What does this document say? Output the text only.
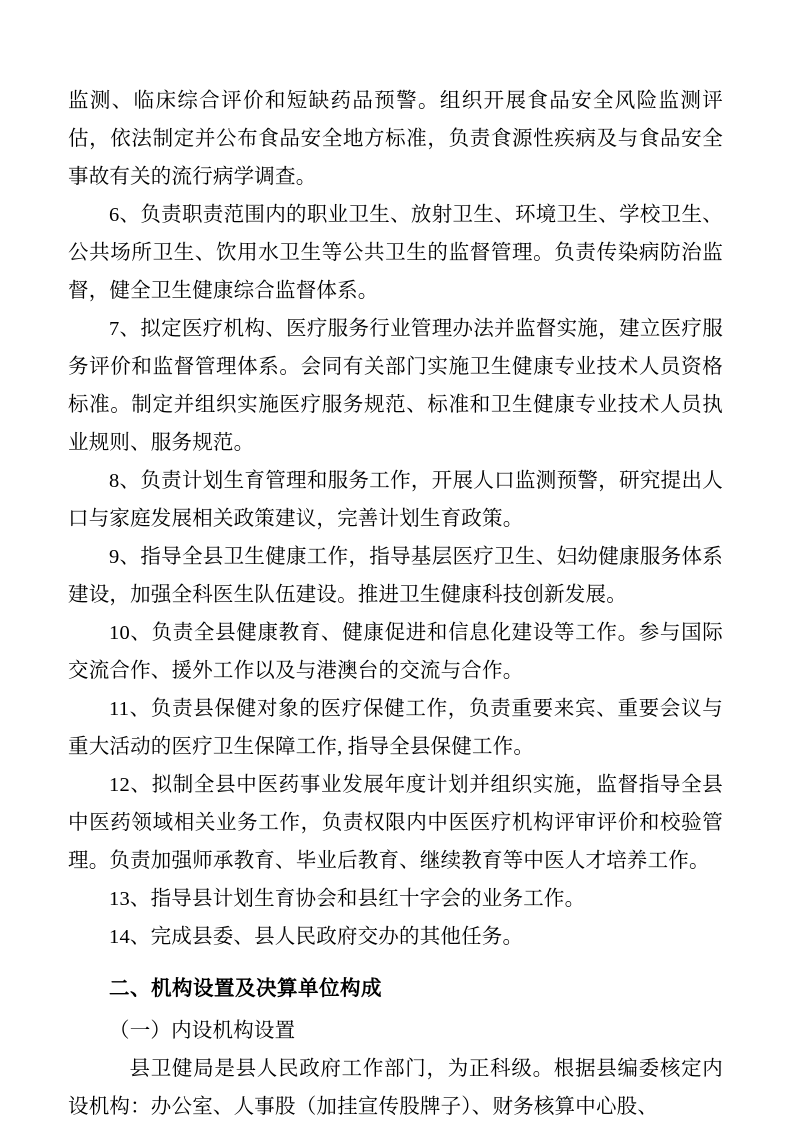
监测、临床综合评价和短缺药品预警。组织开展食品安全风险监测评估，依法制定并公布食品安全地方标准，负责食源性疾病及与食品安全事故有关的流行病学调查。

6、负责职责范围内的职业卫生、放射卫生、环境卫生、学校卫生、公共场所卫生、饮用水卫生等公共卫生的监督管理。负责传染病防治监督，健全卫生健康综合监督体系。

7、拟定医疗机构、医疗服务行业管理办法并监督实施，建立医疗服务评价和监督管理体系。会同有关部门实施卫生健康专业技术人员资格标准。制定并组织实施医疗服务规范、标准和卫生健康专业技术人员执业规则、服务规范。

8、负责计划生育管理和服务工作，开展人口监测预警，研究提出人口与家庭发展相关政策建议，完善计划生育政策。

9、指导全县卫生健康工作，指导基层医疗卫生、妇幼健康服务体系建设，加强全科医生队伍建设。推进卫生健康科技创新发展。

10、负责全县健康教育、健康促进和信息化建设等工作。参与国际交流合作、援外工作以及与港澳台的交流与合作。

11、负责县保健对象的医疗保健工作，负责重要来宾、重要会议与重大活动的医疗卫生保障工作, 指导全县保健工作。

12、拟制全县中医药事业发展年度计划并组织实施，监督指导全县中医药领域相关业务工作，负责权限内中医医疗机构评审评价和校验管理。负责加强师承教育、毕业后教育、继续教育等中医人才培养工作。

13、指导县计划生育协会和县红十字会的业务工作。

14、完成县委、县人民政府交办的其他任务。

二、机构设置及决算单位构成

（一）内设机构设置

县卫健局是县人民政府工作部门，为正科级。根据县编委核定内设机构：办公室、人事股（加挂宣传股牌子）、财务核算中心股、
